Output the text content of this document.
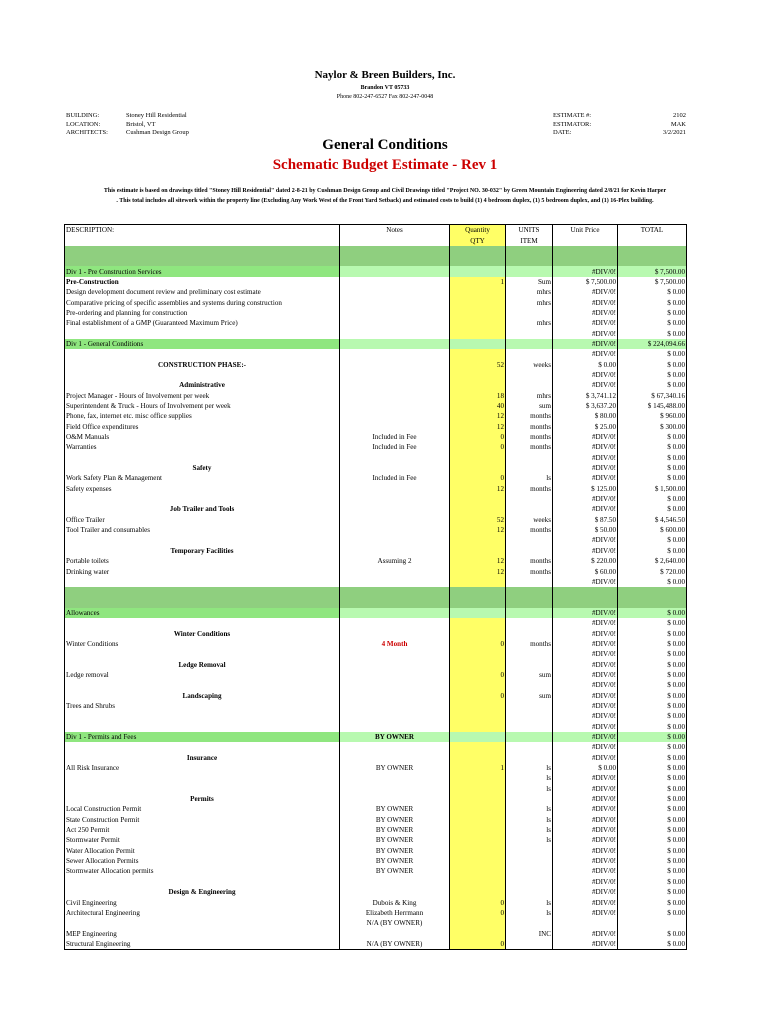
Naylor & Breen Builders, Inc.
Brandon VT 05733
Phone 802-247-6527 Fax 802-247-0048
BUILDING:
LOCATION:
ARCHITECTS:
Stoney Hill Residential
Bristol, VT
Cushman Design Group
ESTIMATE #:
ESTIMATOR:
DATE:
2102
MAK
3/2/2021
General Conditions
Schematic Budget Estimate - Rev 1
This estimate is based on drawings titled "Stoney Hill Residential" dated 2-8-21 by Cushman Design Group and Civil Drawings titled "Project NO. 30-032" by Green Mountain Engineering dated 2/8/21 for Kevin Harper
. This total includes all sitework within the property line (Excluding Any Work West of the Front Yard Setback) and estimated costs to build (1) 4 bedroom duplex, (1) 5 bedroom duplex, and (1) 16-Plex building.
DESCRIPTION:	Notes	Quantity	UNITS	Unit Price	TOTAL
		QTY	ITEM		

Div 1 - Pre Construction Services				#DIV/0!	$ 7,500.00
Pre-Construction		1	Sum	$ 7,500.00	$ 7,500.00
Design development document review and preliminary cost estimate			mhrs	#DIV/0!	$ 0.00
Comparative pricing of specific assemblies and systems during construction			mhrs	#DIV/0!	$ 0.00
Pre-ordering and planning for construction				#DIV/0!	$ 0.00
Final establishment of a GMP (Guaranteed Maximum Price)			mhrs	#DIV/0!	$ 0.00
				#DIV/0!	$ 0.00
Div 1 - General Conditions				#DIV/0!	$ 224,094.66
				#DIV/0!	$ 0.00
CONSTRUCTION PHASE:-		52	weeks	$ 0.00	$ 0.00
				#DIV/0!	$ 0.00
Administrative				#DIV/0!	$ 0.00
Project Manager - Hours of Involvement per week		18	mhrs	$ 3,741.12	$ 67,340.16
Superintendent & Truck - Hours of Involvement per week		40	sum	$ 3,637.20	$ 145,488.00
Phone, fax, internet etc. misc office supplies		12	months	$ 80.00	$ 960.00
Field Office expenditures		12	months	$ 25.00	$ 300.00
O&M Manuals	Included in Fee	0	months	#DIV/0!	$ 0.00
Warranties	Included in Fee	0	months	#DIV/0!	$ 0.00
				#DIV/0!	$ 0.00
Safety				#DIV/0!	$ 0.00
Work Safety Plan & Management	Included in Fee	0	ls	#DIV/0!	$ 0.00
Safety expenses		12	months	$ 125.00	$ 1,500.00
				#DIV/0!	$ 0.00
Job Trailer and Tools				#DIV/0!	$ 0.00
Office Trailer		52	weeks	$ 87.50	$ 4,546.50
Tool Trailer and consumables		12	months	$ 50.00	$ 600.00
				#DIV/0!	$ 0.00
Temporary Facilities				#DIV/0!	$ 0.00
Portable toilets	Assuming 2	12	months	$ 220.00	$ 2,640.00
Drinking water		12	months	$ 60.00	$ 720.00
				#DIV/0!	$ 0.00

Allowances				#DIV/0!	$ 0.00
				#DIV/0!	$ 0.00
Winter Conditions				#DIV/0!	$ 0.00
Winter Conditions	4 Month	0	months	#DIV/0!	$ 0.00
				#DIV/0!	$ 0.00
Ledge Removal				#DIV/0!	$ 0.00
Ledge removal		0	sum	#DIV/0!	$ 0.00
				#DIV/0!	$ 0.00
Landscaping		0	sum	#DIV/0!	$ 0.00
Trees and Shrubs				#DIV/0!	$ 0.00
				#DIV/0!	$ 0.00
				#DIV/0!	$ 0.00
Div 1 - Permits and Fees	BY OWNER			#DIV/0!	$ 0.00
				#DIV/0!	$ 0.00
Insurance				#DIV/0!	$ 0.00
All Risk Insurance	BY OWNER	1	ls	$ 0.00	$ 0.00
			ls	#DIV/0!	$ 0.00
			ls	#DIV/0!	$ 0.00
Permits				#DIV/0!	$ 0.00
Local Construction Permit	BY OWNER		ls	#DIV/0!	$ 0.00
State Construction Permit	BY OWNER		ls	#DIV/0!	$ 0.00
Act 250 Permit	BY OWNER		ls	#DIV/0!	$ 0.00
Stormwater Permit	BY OWNER		ls	#DIV/0!	$ 0.00
Water Allocation Permit	BY OWNER			#DIV/0!	$ 0.00
Sewer Allocation Permits	BY OWNER			#DIV/0!	$ 0.00
Stormwater Allocation permits	BY OWNER			#DIV/0!	$ 0.00
				#DIV/0!	$ 0.00
Design & Engineering				#DIV/0!	$ 0.00
Civil Engineering	Dubois & King	0	ls	#DIV/0!	$ 0.00
Architectural Engineering	Elizabeth Herrmann	0	ls	#DIV/0!	$ 0.00
	N/A (BY OWNER)				
MEP Engineering			INC	#DIV/0!	$ 0.00
Structural Engineering	N/A (BY OWNER)	0		#DIV/0!	$ 0.00
